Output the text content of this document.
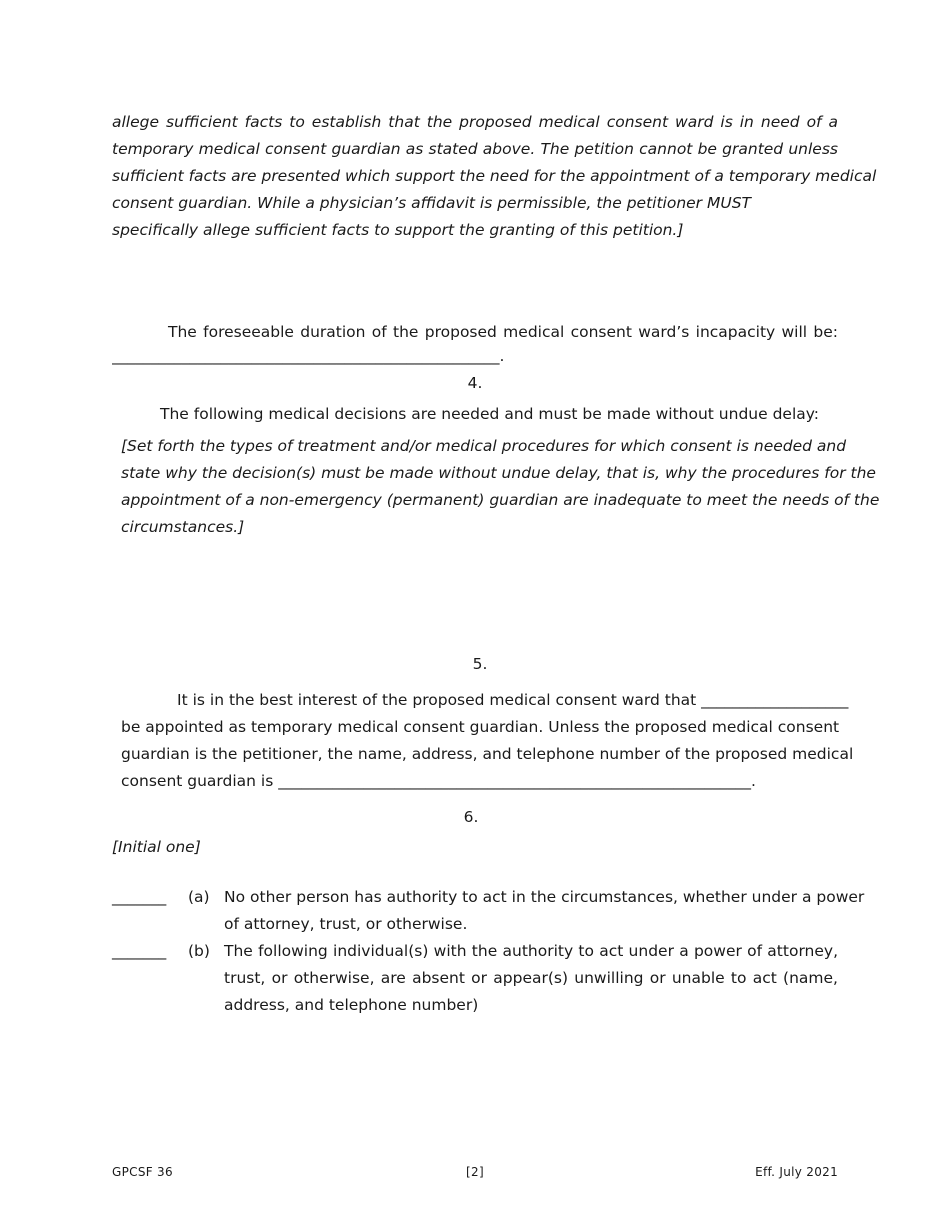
allege sufficient facts to establish that the proposed medical consent ward is in need of a
temporary medical consent guardian as stated above. The petition cannot be granted unless
sufficient facts are presented which support the need for the appointment of a temporary medical
consent guardian. While a physician’s affidavit is permissible, the petitioner MUST
specifically allege sufficient facts to support the granting of this petition.]
The foreseeable duration of the proposed medical consent ward’s incapacity will be:
__________________________________________________.
4.
The following medical decisions are needed and must be made without undue delay:
[Set forth the types of treatment and/or medical procedures for which consent is needed and
state why the decision(s) must be made without undue delay, that is, why the procedures for the
appointment of a non-emergency (permanent) guardian are inadequate to meet the needs of the
circumstances.]
5.
It is in the best interest of the proposed medical consent ward that ___________________
be appointed as temporary medical consent guardian. Unless the proposed medical consent
guardian is the petitioner, the name, address, and telephone number of the proposed medical
consent guardian is _____________________________________________________________.
6.
[Initial one]
_______ (a) No other person has authority to act in the circumstances, whether under a power
of attorney, trust, or otherwise.
_______ (b) The following individual(s) with the authority to act under a power of attorney,
trust, or otherwise, are absent or appear(s) unwilling or unable to act (name,
address, and telephone number)
GPCSF 36	[2]	Eff. July 2021
